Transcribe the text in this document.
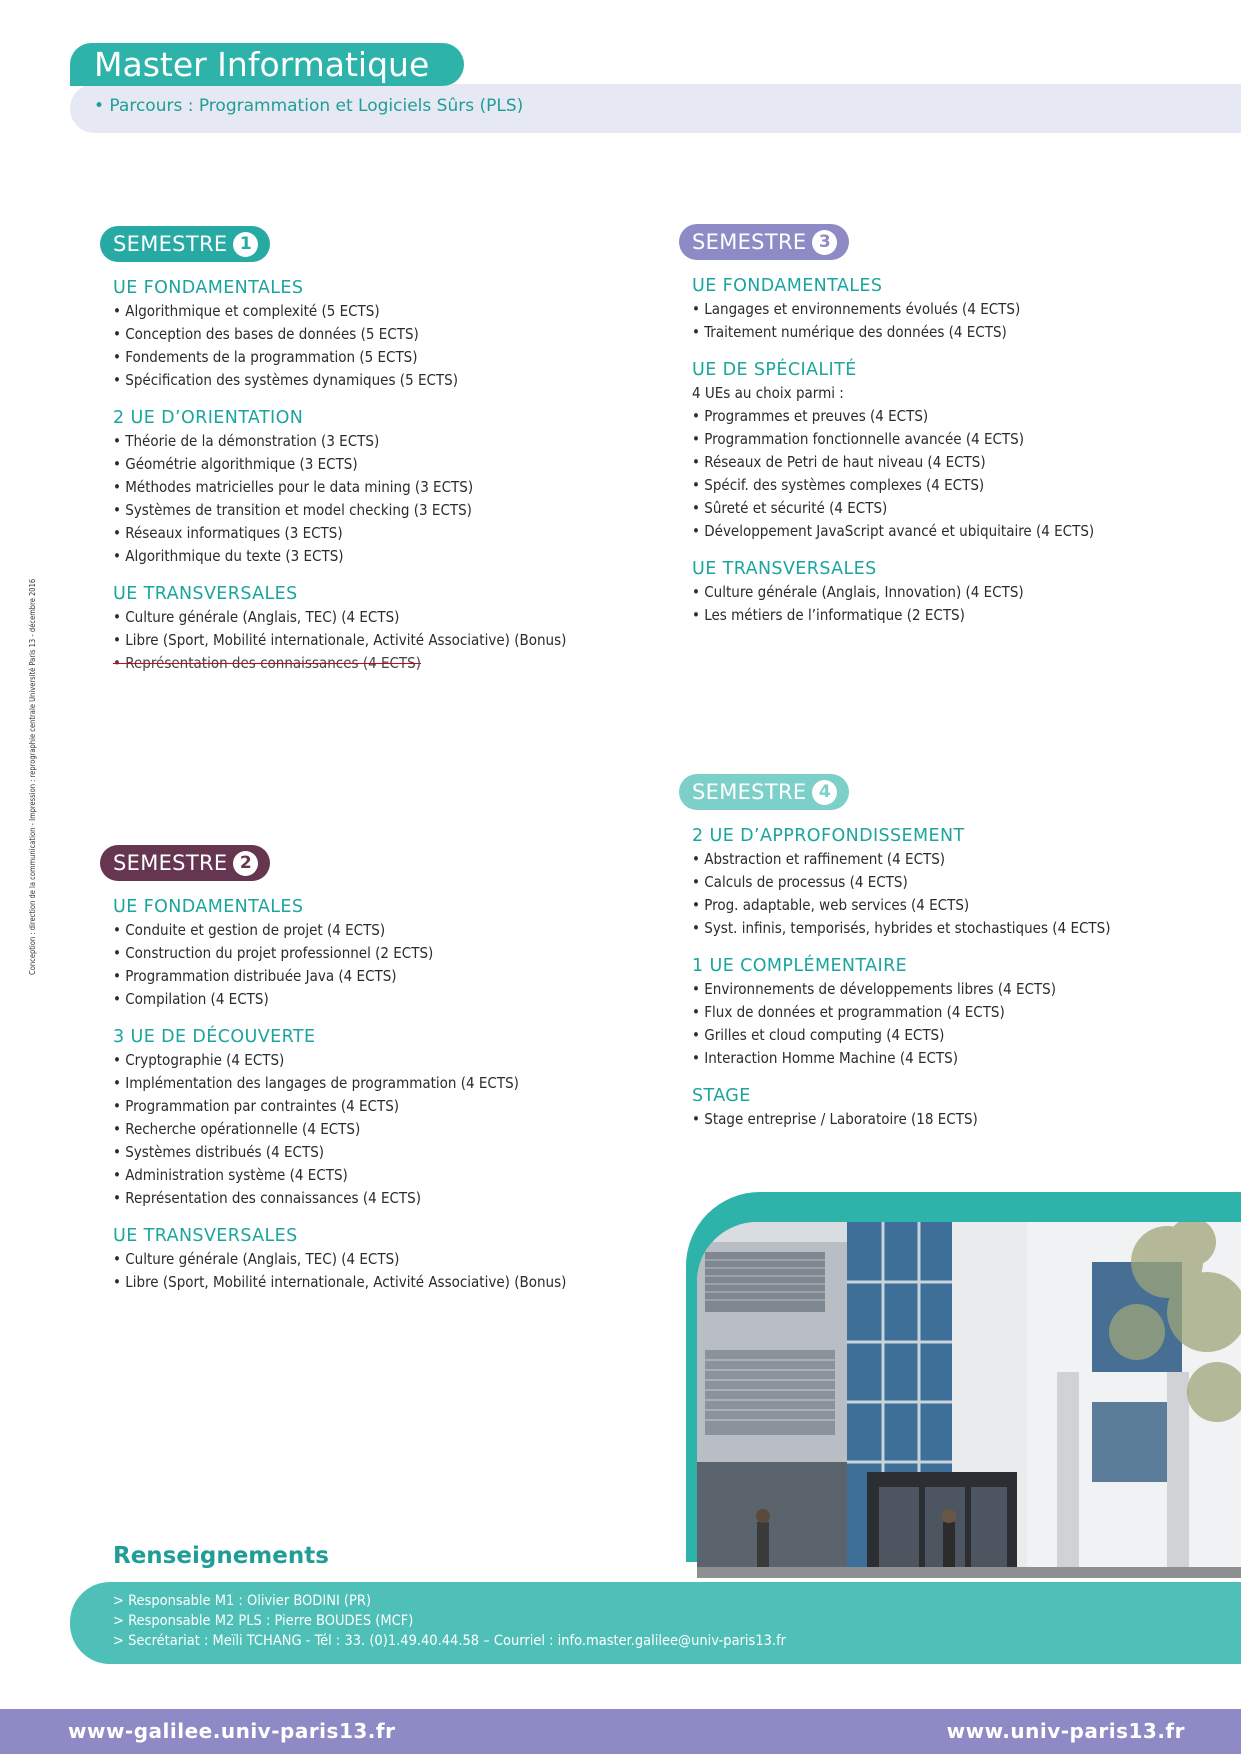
Master Informatique
• Parcours : Programmation et Logiciels Sûrs (PLS)
Conception : direction de la communication - Impression : reprographie centrale Université Paris 13 - décembre 2016
SEMESTRE 1
UE FONDAMENTALES
• Algorithmique et complexité (5 ECTS)
• Conception des bases de données (5 ECTS)
• Fondements de la programmation (5 ECTS)
• Spécification des systèmes dynamiques (5 ECTS)
2 UE D’ORIENTATION
• Théorie de la démonstration (3 ECTS)
• Géométrie algorithmique (3 ECTS)
• Méthodes matricielles pour le data mining (3 ECTS)
• Systèmes de transition et model checking (3 ECTS)
• Réseaux informatiques (3 ECTS)
• Algorithmique du texte (3 ECTS)
UE TRANSVERSALES
• Culture générale (Anglais, TEC) (4 ECTS)
• Libre (Sport, Mobilité internationale, Activité Associative) (Bonus)
• Représentation des connaissances (4 ECTS)
SEMESTRE 2
UE FONDAMENTALES
• Conduite et gestion de projet (4 ECTS)
• Construction du projet professionnel (2 ECTS)
• Programmation distribuée Java (4 ECTS)
• Compilation (4 ECTS)
3 UE DE DÉCOUVERTE
• Cryptographie (4 ECTS)
• Implémentation des langages de programmation (4 ECTS)
• Programmation par contraintes (4 ECTS)
• Recherche opérationnelle (4 ECTS)
• Systèmes distribués (4 ECTS)
• Administration système (4 ECTS)
• Représentation des connaissances (4 ECTS)
UE TRANSVERSALES
• Culture générale (Anglais, TEC) (4 ECTS)
• Libre (Sport, Mobilité internationale, Activité Associative) (Bonus)
SEMESTRE 3
UE FONDAMENTALES
• Langages et environnements évolués (4 ECTS)
• Traitement numérique des données (4 ECTS)
UE DE SPÉCIALITÉ
4 UEs au choix parmi :
• Programmes et preuves (4 ECTS)
• Programmation fonctionnelle avancée (4 ECTS)
• Réseaux de Petri de haut niveau (4 ECTS)
• Spécif. des systèmes complexes (4 ECTS)
• Sûreté et sécurité (4 ECTS)
• Développement JavaScript avancé et ubiquitaire (4 ECTS)
UE TRANSVERSALES
• Culture générale (Anglais, Innovation) (4 ECTS)
• Les métiers de l’informatique (2 ECTS)
SEMESTRE 4
2 UE D’APPROFONDISSEMENT
• Abstraction et raffinement (4 ECTS)
• Calculs de processus (4 ECTS)
• Prog. adaptable, web services (4 ECTS)
• Syst. infinis, temporisés, hybrides et stochastiques (4 ECTS)
1 UE COMPLÉMENTAIRE
• Environnements de développements libres (4 ECTS)
• Flux de données et programmation (4 ECTS)
• Grilles et cloud computing (4 ECTS)
• Interaction Homme Machine (4 ECTS)
STAGE
• Stage entreprise / Laboratoire (18 ECTS)
Renseignements
> Responsable M1 : Olivier BODINI (PR)
> Responsable M2 PLS : Pierre BOUDES (MCF)
> Secrétariat : Meïli TCHANG - Tél : 33. (0)1.49.40.44.58 – Courriel : info.master.galilee@univ-paris13.fr
www-galilee.univ-paris13.fr	www.univ-paris13.fr
